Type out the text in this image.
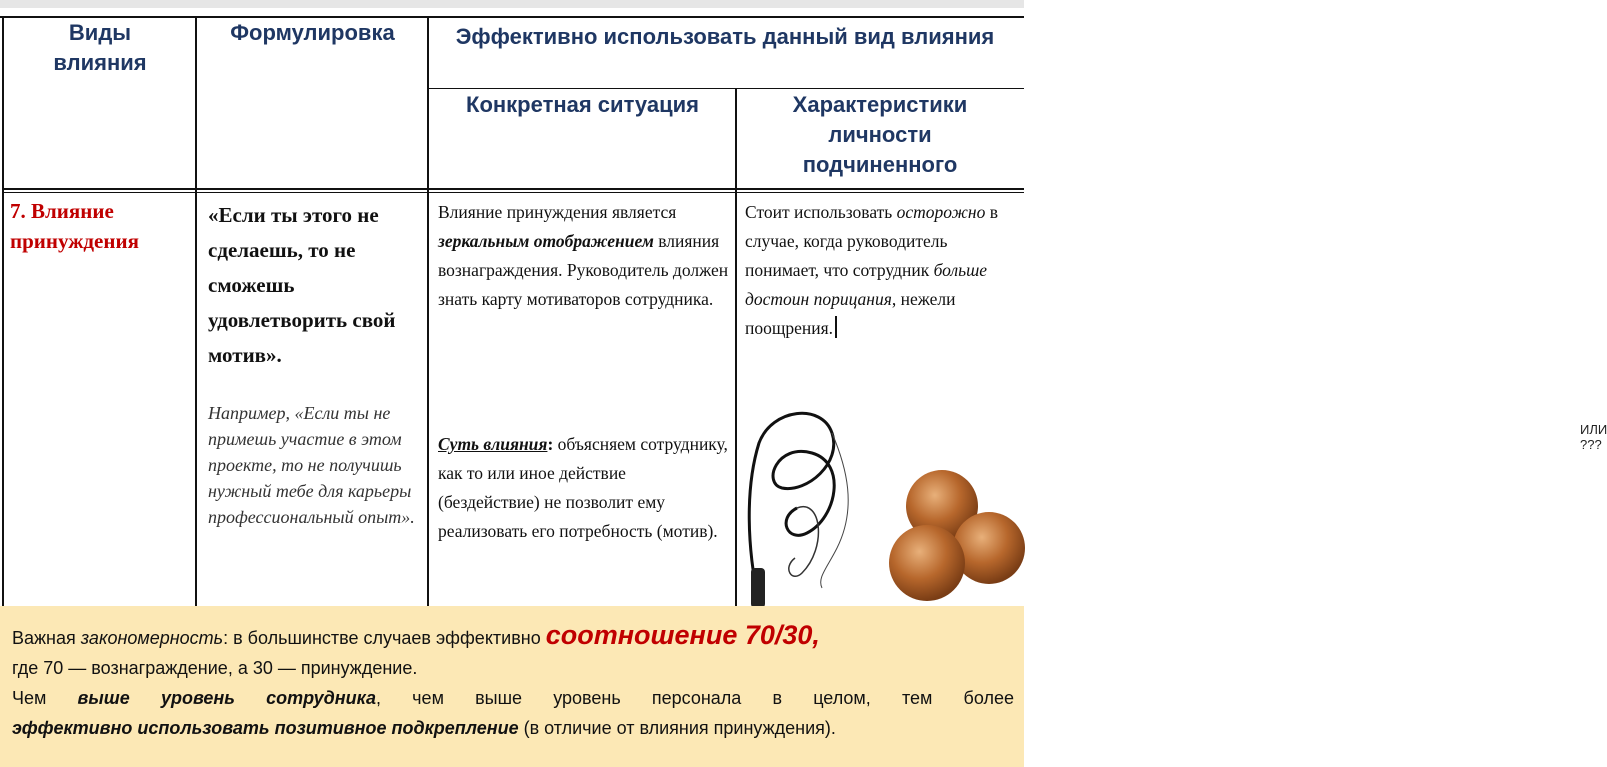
Виды влияния
Формулировка	Эффективно использовать данный вид влияния
Конкретная ситуация	Характеристики личности подчиненного
7. Влияние принуждения
«Если ты этого не сделаешь, то не сможешь удовлетворить свой мотив».
Например, «Если ты не примешь участие в этом проекте, то не получишь нужный тебе для карьеры профессиональный опыт».
Влияние принуждения является зеркальным отображением влияния вознаграждения. Руководитель должен знать карту мотиваторов сотрудника.
Суть влияния: объясняем сотруднику, как то или иное действие (бездействие) не позволит ему реализовать его потребность (мотив).
Стоит использовать осторожно в случае, когда руководитель понимает, что сотрудник больше достоин порицания, нежели поощрения.
ИЛИ ???

Важная закономерность: в большинстве случаев эффективно соотношение 70/30,

где 70 — вознаграждение, а 30 — принуждение.

Чем выше уровень сотрудника, чем выше уровень персонала в целом, тем более

эффективно использовать позитивное подкрепление (в отличие от влияния принуждения).
